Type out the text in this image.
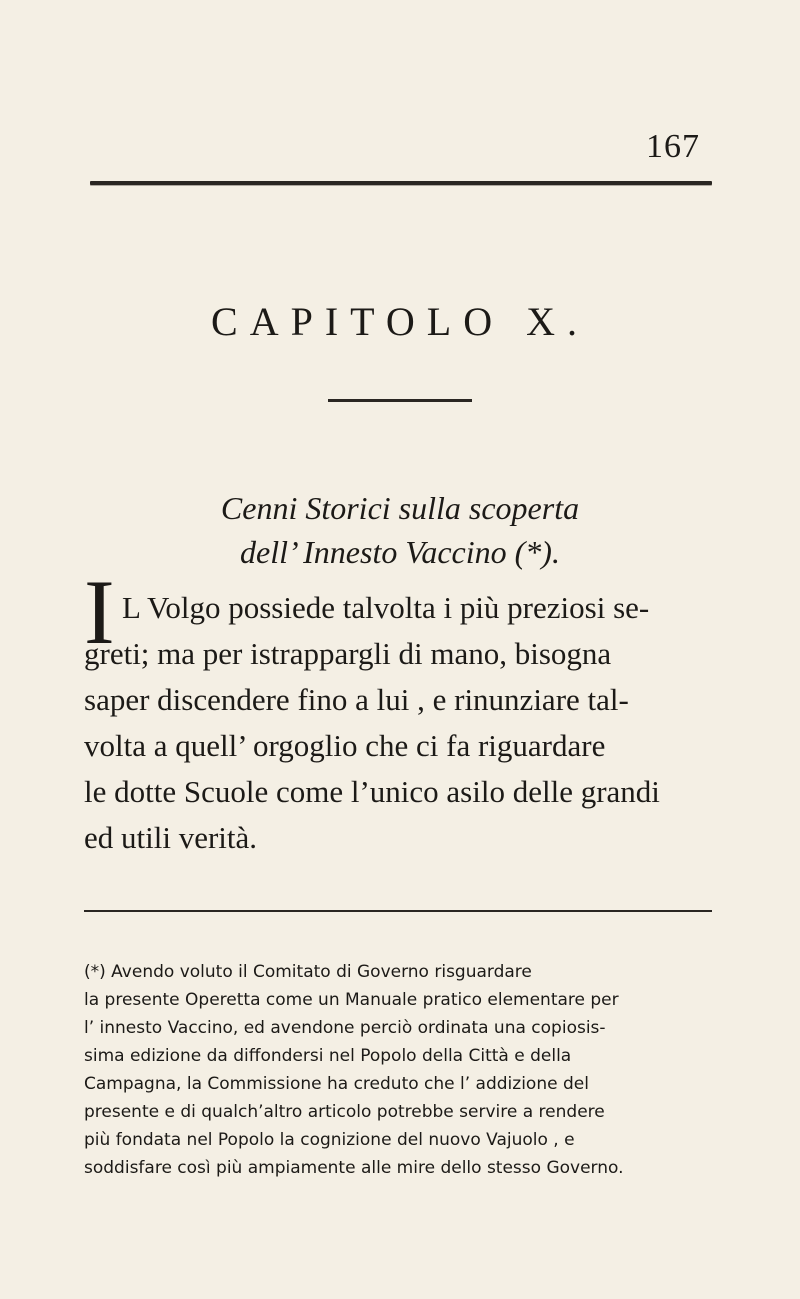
167
CAPITOLO X.
Cenni Storici sulla scoperta
dell’ Innesto Vaccino (*).
I L Volgo possiede talvolta i più preziosi se-
greti; ma per istrappargli di mano, bisogna
saper discendere fino a lui , e rinunziare tal-
volta a quell’ orgoglio che ci fa riguardare
le dotte Scuole come l’unico asilo delle grandi
ed utili verità.
(*) Avendo voluto il Comitato di Governo risguardare
la presente Operetta come un Manuale pratico elementare per
l’ innesto Vaccino, ed avendone perciò ordinata una copiosis-
sima edizione da diffondersi nel Popolo della Città e della
Campagna, la Commissione ha creduto che l’ addizione del
presente e di qualch’altro articolo potrebbe servire a rendere
più fondata nel Popolo la cognizione del nuovo Vajuolo , e
soddisfare così più ampiamente alle mire dello stesso Governo.
